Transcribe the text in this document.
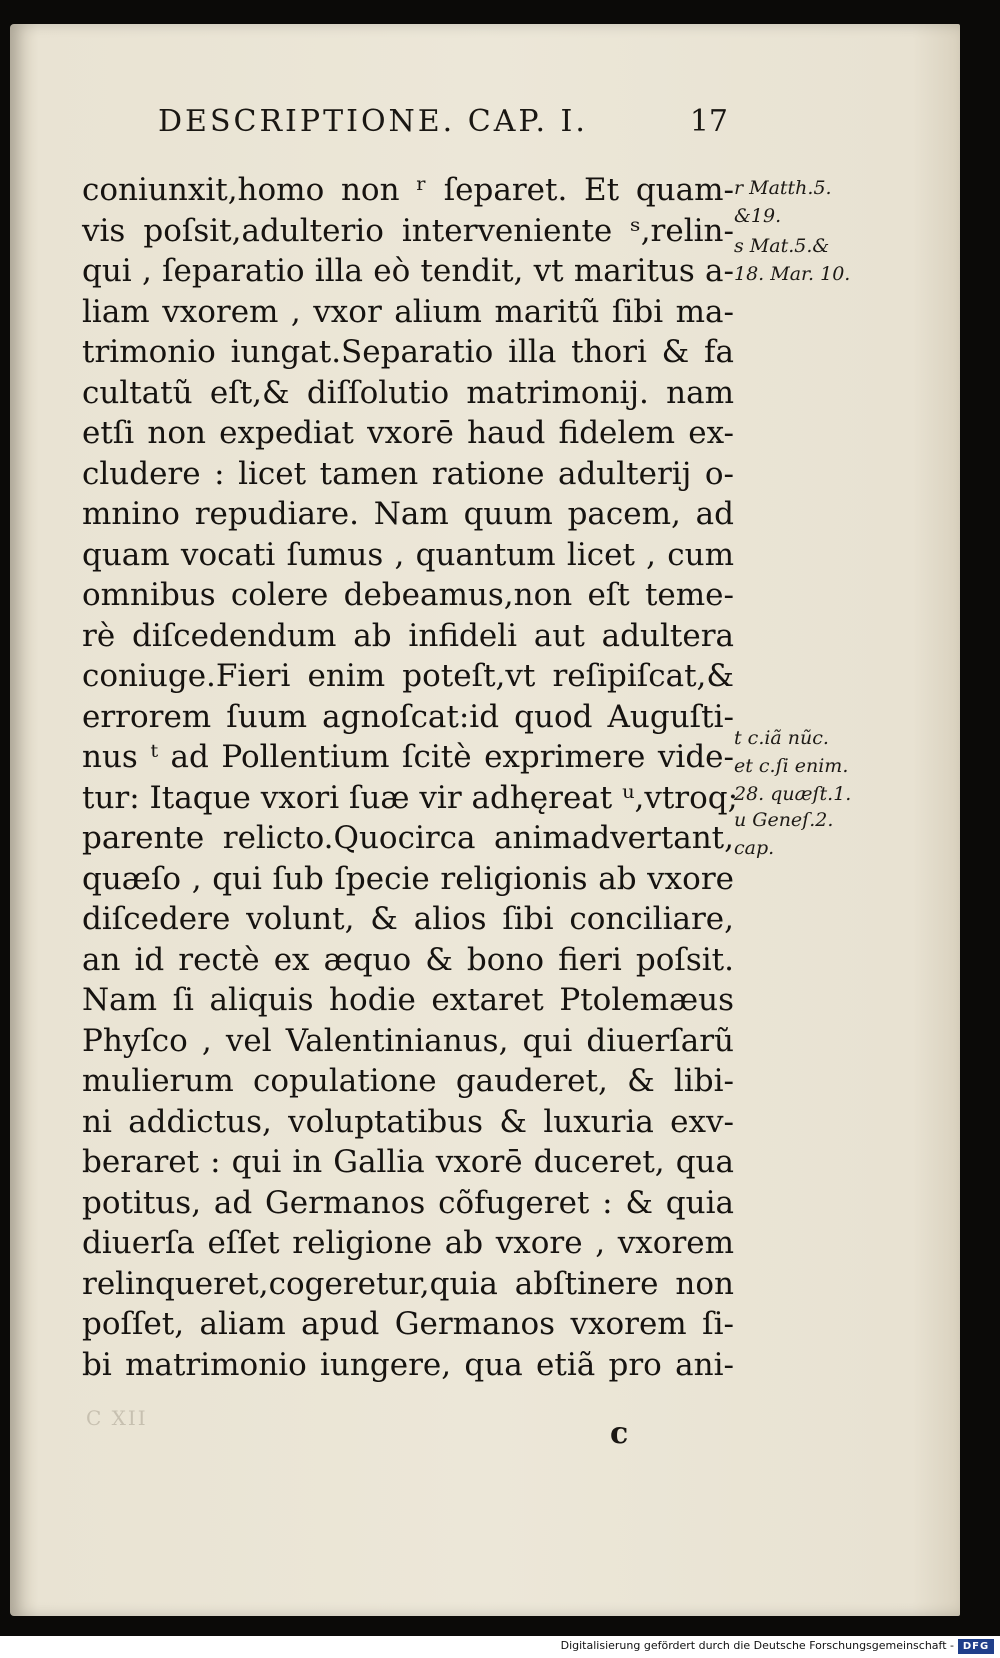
DESCRIPTIONE. CAP. I.	17
coniunxit,homo non ʳ ſeparet. Et quam-
vis poſsit,adulterio interveniente ˢ,relin-
qui , ſeparatio illa eò tendit, vt maritus a-
liam vxorem , vxor alium maritũ ſibi ma-
trimonio iungat.Separatio illa thori & fa
cultatũ eſt,& diſſolutio matrimonij. nam
etſi non expediat vxorē haud fidelem ex-
cludere : licet tamen ratione adulterij o-
mnino repudiare. Nam quum pacem, ad
quam vocati ſumus , quantum licet , cum
omnibus colere debeamus,non eſt teme-
rè diſcedendum ab infideli aut adultera
coniuge.Fieri enim poteſt,vt reſipiſcat,&
errorem ſuum agnoſcat:id quod Auguſti-
nus ᵗ ad Pollentium ſcitè exprimere vide-
tur: Itaque vxori ſuæ vir adhęreat ᵘ,vtroq;
parente relicto.Quocirca animadvertant,
quæſo , qui ſub ſpecie religionis ab vxore
diſcedere volunt, & alios ſibi conciliare,
an id rectè ex æquo & bono fieri poſsit.
Nam ſi aliquis hodie extaret Ptolemæus
Phyſco , vel Valentinianus, qui diuerſarũ
mulierum copulatione gauderet, & libi-
ni addictus, voluptatibus & luxuria exv-
beraret : qui in Gallia vxorē duceret, qua
potitus, ad Germanos cõfugeret : & quia
diuerſa eſſet religione ab vxore , vxorem
relinqueret,cogeretur,quia abſtinere non
poſſet, aliam apud Germanos vxorem ſi-
bi matrimonio iungere, qua etiã pro ani-
r Matth.5.
&19.
s Mat.5.&
18. Mar. 10.
t c.iã nũc.
et c.ſi enim.
28. quæſt.1.
u Geneſ.2.
cap.
C XII	c
Digitalisierung gefördert durch die Deutsche Forschungsgemeinschaft - DFG
